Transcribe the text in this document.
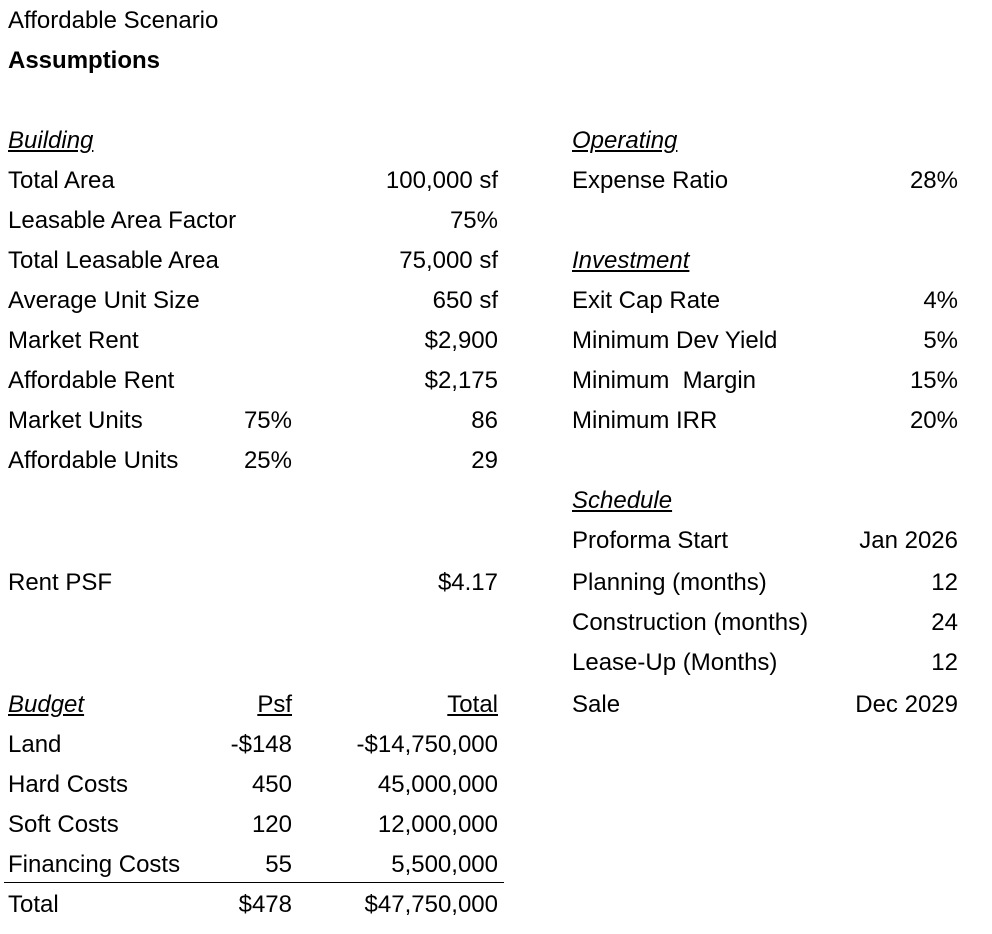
Affordable Scenario
Assumptions
Building
Total Area	100,000 sf
Leasable Area Factor	75%
Total Leasable Area	75,000 sf
Average Unit Size	650 sf
Market Rent	$2,900
Affordable Rent	$2,175
Market Units	75%	86
Affordable Units	25%	29
Rent PSF	$4.17
Budget	Psf	Total
Land	-$148	-$14,750,000
Hard Costs	450	45,000,000
Soft Costs	120	12,000,000
Financing Costs	55	5,500,000
Total	$478	$47,750,000
Operating
Expense Ratio	28%
Investment
Exit Cap Rate	4%
Minimum Dev Yield	5%
Minimum  Margin	15%
Minimum IRR	20%
Schedule
Proforma Start	Jan 2026
Planning (months)	12
Construction (months)	24
Lease-Up (Months)	12
Sale	Dec 2029
